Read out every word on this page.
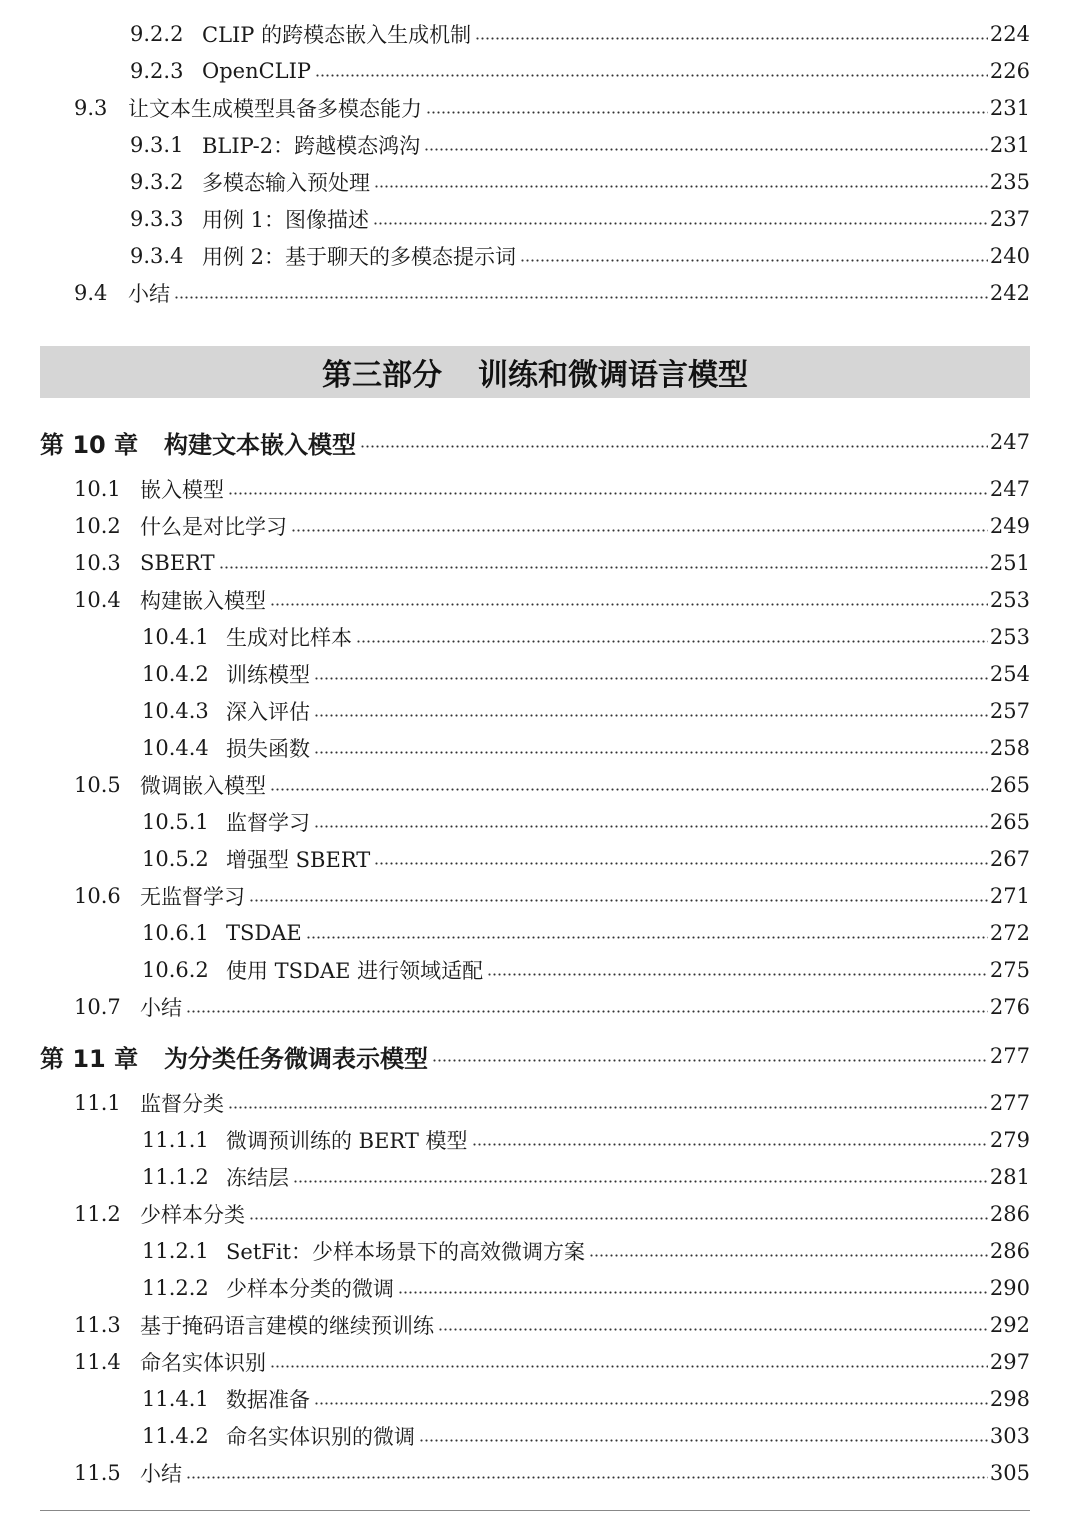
9.2.2 CLIP 的跨模态嵌入生成机制	224
9.2.3 OpenCLIP	226
9.3 让文本生成模型具备多模态能力	231
9.3.1 BLIP-2：跨越模态鸿沟	231
9.3.2 多模态输入预处理	235
9.3.3 用例 1：图像描述	237
9.3.4 用例 2：基于聊天的多模态提示词	240
9.4 小结	242
第三部分 训练和微调语言模型
第 10 章	构建文本嵌入模型	247
10.1 嵌入模型	247
10.2 什么是对比学习	249
10.3 SBERT	251
10.4 构建嵌入模型	253
10.4.1 生成对比样本	253
10.4.2 训练模型	254
10.4.3 深入评估	257
10.4.4 损失函数	258
10.5 微调嵌入模型	265
10.5.1 监督学习	265
10.5.2 增强型 SBERT	267
10.6 无监督学习	271
10.6.1 TSDAE	272
10.6.2 使用 TSDAE 进行领域适配	275
10.7 小结	276
第 11 章	为分类任务微调表示模型	277
11.1 监督分类	277
11.1.1 微调预训练的 BERT 模型	279
11.1.2 冻结层	281
11.2 少样本分类	286
11.2.1 SetFit：少样本场景下的高效微调方案	286
11.2.2 少样本分类的微调	290
11.3 基于掩码语言建模的继续预训练	292
11.4 命名实体识别	297
11.4.1 数据准备	298
11.4.2 命名实体识别的微调	303
11.5 小结	305
